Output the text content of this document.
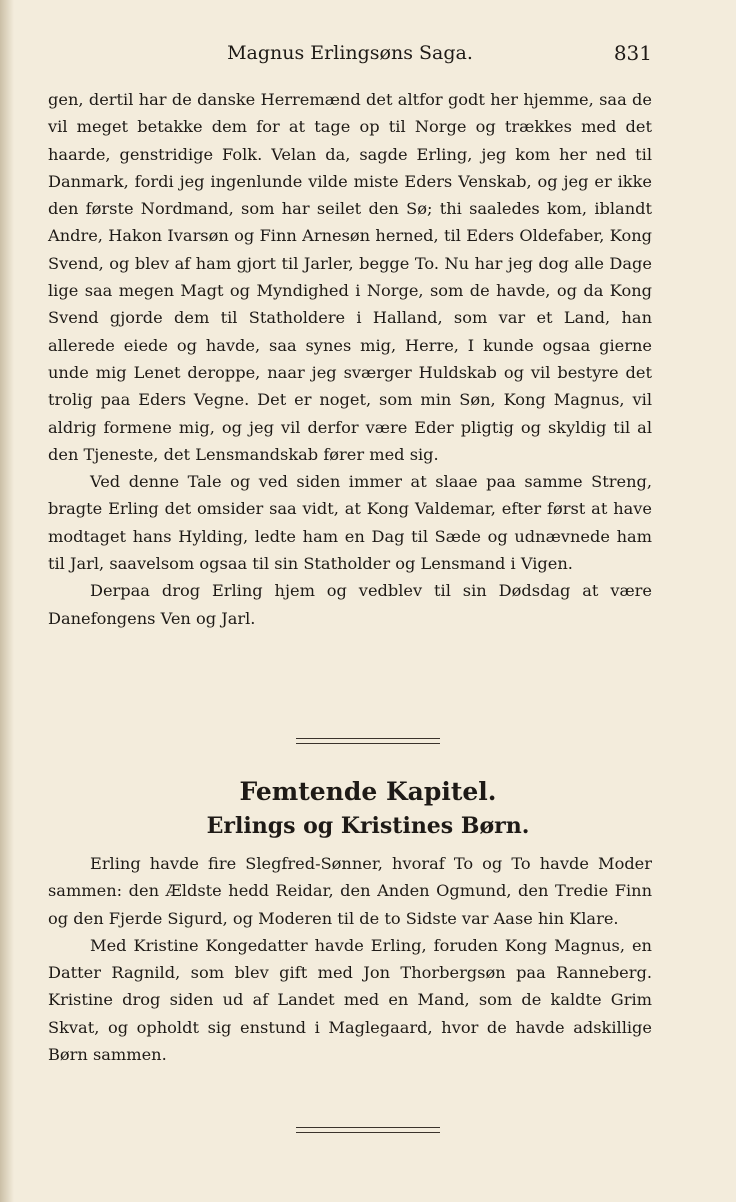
Magnus Erlingsøns Saga.	831

gen, dertil har de danske Herremænd det altfor godt her hjemme, saa de vil meget betakke dem for at tage op til Norge og trækkes med det haarde, genstridige Folk. Velan da, sagde Erling, jeg kom her ned til Danmark, fordi jeg ingenlunde vilde miste Eders Venskab, og jeg er ikke den første Nordmand, som har seilet den Sø; thi saaledes kom, iblandt Andre, Hakon Ivarsøn og Finn Arnesøn herned, til Eders Oldefaber, Kong Svend, og blev af ham gjort til Jarler, begge To. Nu har jeg dog alle Dage lige saa megen Magt og Myndighed i Norge, som de havde, og da Kong Svend gjorde dem til Statholdere i Halland, som var et Land, han allerede eiede og havde, saa synes mig, Herre, I kunde ogsaa gierne unde mig Lenet deroppe, naar jeg sværger Huldskab og vil bestyre det trolig paa Eders Vegne. Det er noget, som min Søn, Kong Magnus, vil aldrig formene mig, og jeg vil derfor være Eder pligtig og skyldig til al den Tjeneste, det Lensmandskab fører med sig.

Ved denne Tale og ved siden immer at slaae paa samme Streng, bragte Erling det omsider saa vidt, at Kong Valdemar, efter først at have modtaget hans Hylding, ledte ham en Dag til Sæde og udnævnede ham til Jarl, saavelsom ogsaa til sin Statholder og Lensmand i Vigen.

Derpaa drog Erling hjem og vedblev til sin Dødsdag at være Danefongens Ven og Jarl.

Femtende Kapitel.
Erlings og Kristines Børn.

Erling havde fire Slegfred-Sønner, hvoraf To og To havde Moder sammen: den Ældste hedd Reidar, den Anden Ogmund, den Tredie Finn og den Fjerde Sigurd, og Moderen til de to Sidste var Aase hin Klare.

Med Kristine Kongedatter havde Erling, foruden Kong Magnus, en Datter Ragnild, som blev gift med Jon Thorbergsøn paa Ranneberg. Kristine drog siden ud af Landet med en Mand, som de kaldte Grim Skvat, og opholdt sig enstund i Maglegaard, hvor de havde adskillige Børn sammen.
